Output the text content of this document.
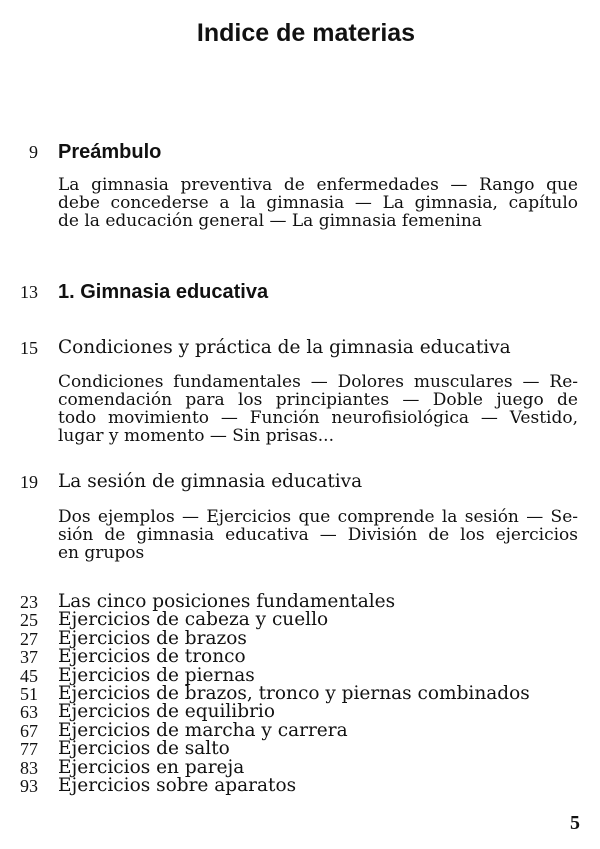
Indice de materias
9 Preámbulo
La gimnasia preventiva de enfermedades — Rango que
debe concederse a la gimnasia — La gimnasia, capítulo
de la educación general — La gimnasia femenina
13 1. Gimnasia educativa
15 Condiciones y práctica de la gimnasia educativa
Condiciones fundamentales — Dolores musculares — Re-
comendación para los principiantes — Doble juego de
todo movimiento — Función neurofisiológica — Vestido,
lugar y momento — Sin prisas...
19 La sesión de gimnasia educativa
Dos ejemplos — Ejercicios que comprende la sesión — Se-
sión de gimnasia educativa — División de los ejercicios
en grupos
23 Las cinco posiciones fundamentales
25 Ejercicios de cabeza y cuello
27 Ejercicios de brazos
37 Ejercicios de tronco
45 Ejercicios de piernas
51 Ejercicios de brazos, tronco y piernas combinados
63 Ejercicios de equilibrio
67 Ejercicios de marcha y carrera
77 Ejercicios de salto
83 Ejercicios en pareja
93 Ejercicios sobre aparatos
5
